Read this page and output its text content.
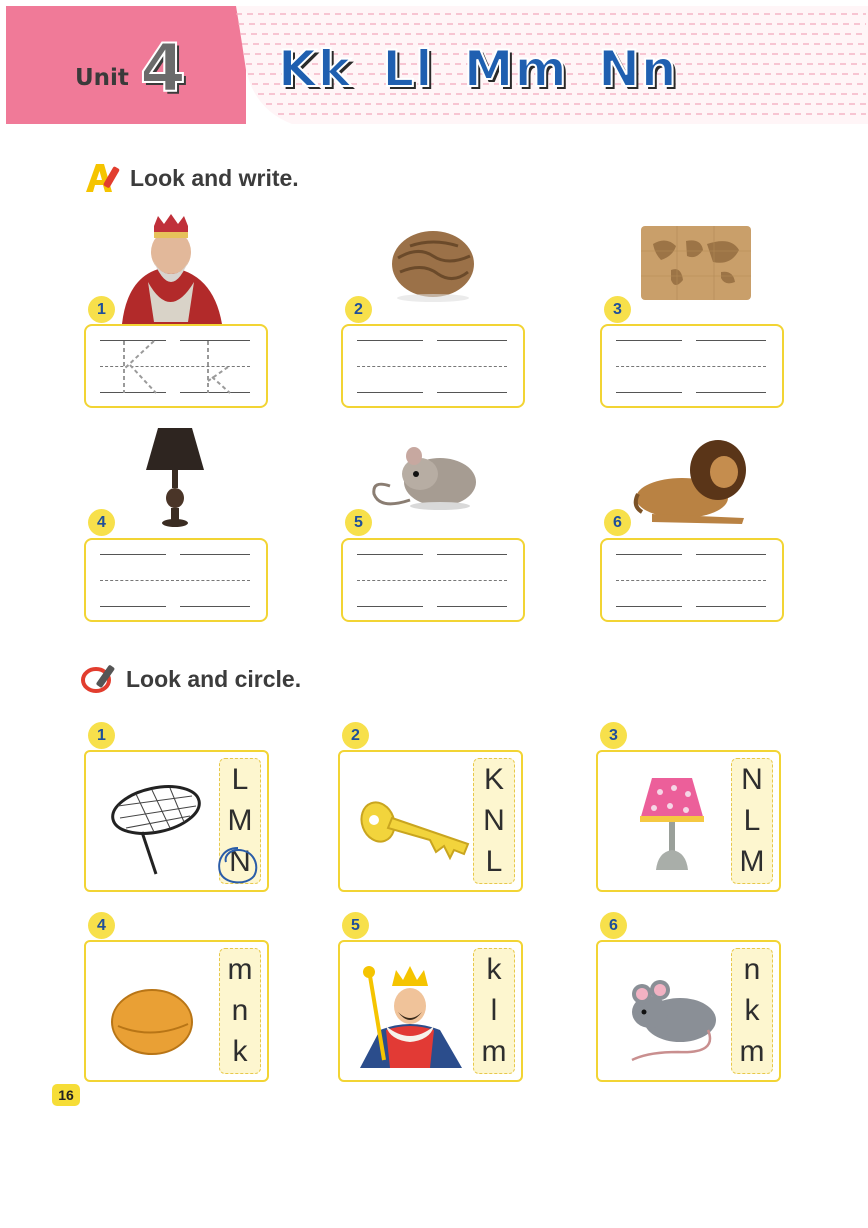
Unit 4 Kk Ll Mm Nn
Look and write.
1	2	3
4	5	6
Look and circle.
L
M
N
1
K
N
L
2
N
L
M
3
m
n
k
4
k
l
m
5
n
k
m
6
16
